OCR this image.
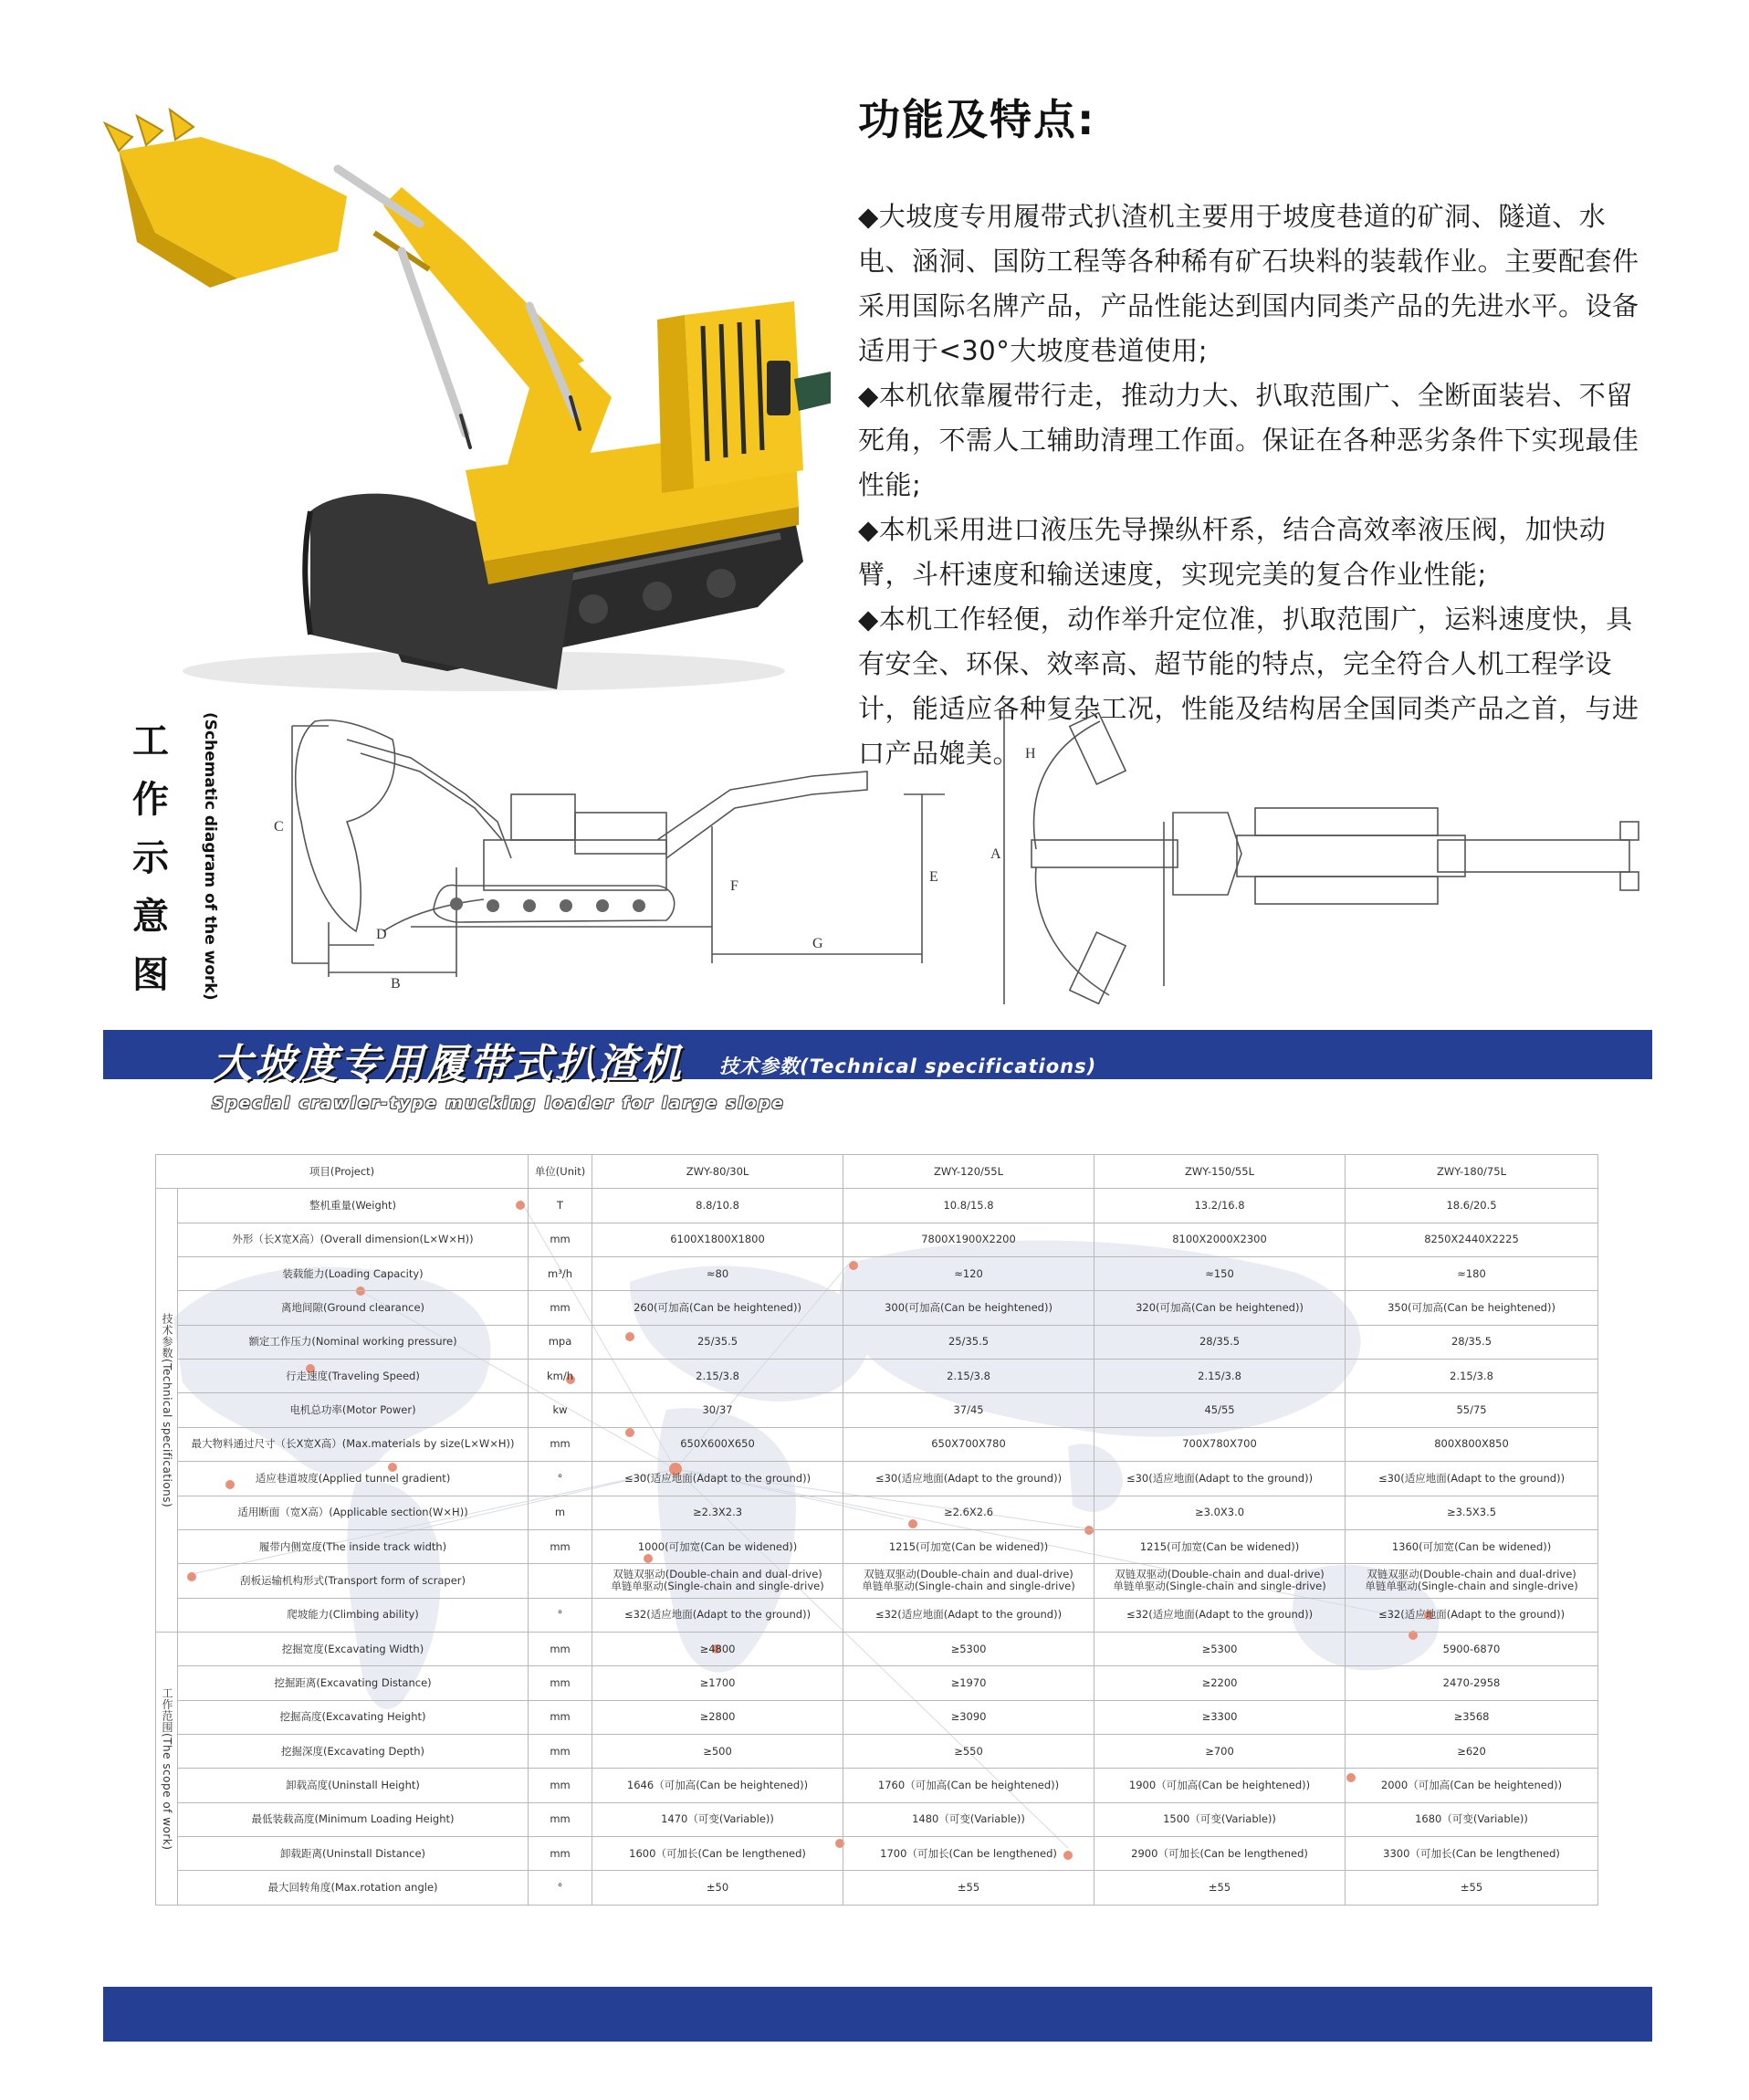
功能及特点:

◆大坡度专用履带式扒渣机主要用于坡度巷道的矿洞、隧道、水电、涵洞、国防工程等各种稀有矿石块料的装载作业。主要配套件采用国际名牌产品，产品性能达到国内同类产品的先进水平。设备适用于<30°大坡度巷道使用;

◆本机依靠履带行走，推动力大、扒取范围广、全断面装岩、不留死角，不需人工辅助清理工作面。保证在各种恶劣条件下实现最佳性能;

◆本机采用进口液压先导操纵杆系，结合高效率液压阀，加快动臂，斗杆速度和输送速度，实现完美的复合作业性能;

◆本机工作轻便，动作举升定位准，扒取范围广，运料速度快，具有安全、环保、效率高、超节能的特点，完全符合人机工程学设计，能适应各种复杂工况，性能及结构居全国同类产品之首，与进口产品媲美。

工
作
示
意
图 (Schematic diagram of the work)	C
D
B
F
E
G
H
A
大坡度专用履带式扒渣机 技术参数(Technical specifications)
Special crawler-type mucking loader for large slope
项目(Project)		单位(Unit)	ZWY-80/30L	ZWY-120/55L	ZWY-150/55L	ZWY-180/75L
技术参数(Technical specifications)	整机重量(Weight)	T	8.8/10.8	10.8/15.8	13.2/16.8	18.6/20.5
	外形（长X宽X高）(Overall dimension(L×W×H))	mm	6100X1800X1800	7800X1900X2200	8100X2000X2300	8250X2440X2225
	装载能力(Loading Capacity)	m³/h	≈80	≈120	≈150	≈180
	离地间隙(Ground clearance)	mm	260(可加高(Can be heightened))	300(可加高(Can be heightened))	320(可加高(Can be heightened))	350(可加高(Can be heightened))
	额定工作压力(Nominal working pressure)	mpa	25/35.5	25/35.5	28/35.5	28/35.5
	行走速度(Traveling Speed)	km/h	2.15/3.8	2.15/3.8	2.15/3.8	2.15/3.8
	电机总功率(Motor Power)	kw	30/37	37/45	45/55	55/75
	最大物料通过尺寸（长X宽X高）(Max.materials by size(L×W×H))	mm	650X600X650	650X700X780	700X780X700	800X800X850
	适应巷道坡度(Applied tunnel gradient)	°	≤30(适应地面(Adapt to the ground))	≤30(适应地面(Adapt to the ground))	≤30(适应地面(Adapt to the ground))	≤30(适应地面(Adapt to the ground))
	适用断面（宽X高）(Applicable section(W×H))	m	≥2.3X2.3	≥2.6X2.6	≥3.0X3.0	≥3.5X3.5
	履带内侧宽度(The inside track width)	mm	1000(可加宽(Can be widened))	1215(可加宽(Can be widened))	1215(可加宽(Can be widened))	1360(可加宽(Can be widened))
	刮板运输机构形式(Transport form of scraper)		双链双驱动(Double-chain and dual-drive)
单链单驱动(Single-chain and single-drive)	双链双驱动(Double-chain and dual-drive)
单链单驱动(Single-chain and single-drive)	双链双驱动(Double-chain and dual-drive)
单链单驱动(Single-chain and single-drive)	双链双驱动(Double-chain and dual-drive)
单链单驱动(Single-chain and single-drive)
	爬坡能力(Climbing ability)	°	≤32(适应地面(Adapt to the ground))	≤32(适应地面(Adapt to the ground))	≤32(适应地面(Adapt to the ground))	≤32(适应地面(Adapt to the ground))
工作范围(The scope of work)	挖掘宽度(Excavating Width)	mm	≥4800	≥5300	≥5300	5900-6870
	挖掘距离(Excavating Distance)	mm	≥1700	≥1970	≥2200	2470-2958
	挖掘高度(Excavating Height)	mm	≥2800	≥3090	≥3300	≥3568
	挖掘深度(Excavating Depth)	mm	≥500	≥550	≥700	≥620
	卸载高度(Uninstall Height)	mm	1646（可加高(Can be heightened))	1760（可加高(Can be heightened))	1900（可加高(Can be heightened))	2000（可加高(Can be heightened))
	最低装载高度(Minimum Loading Height)	mm	1470（可变(Variable))	1480（可变(Variable))	1500（可变(Variable))	1680（可变(Variable))
	卸载距离(Uninstall Distance)	mm	1600（可加长(Can be lengthened)	1700（可加长(Can be lengthened)	2900（可加长(Can be lengthened)	3300（可加长(Can be lengthened)
	最大回转角度(Max.rotation angle)	°	±50	±55	±55	±55
